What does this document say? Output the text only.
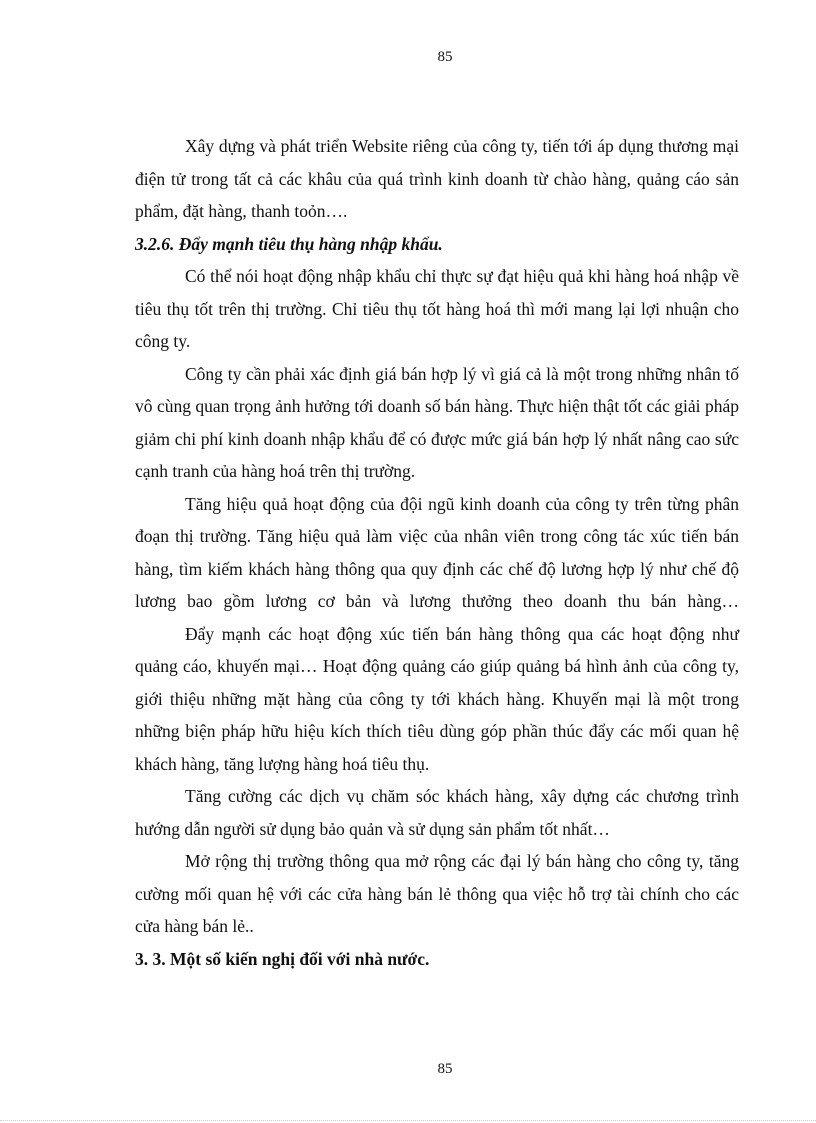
85

Xây dựng và phát triển Website riêng của công ty, tiến tới áp dụng thương mại điện tử trong tất cả các khâu của quá trình kinh doanh từ chào hàng, quảng cáo sản phẩm, đặt hàng, thanh toỏn….

3.2.6. Đẩy mạnh tiêu thụ hàng nhập khẩu.

Có thể nói hoạt động nhập khẩu chỉ thực sự đạt hiệu quả khi hàng hoá nhập về tiêu thụ tốt trên thị trường. Chỉ tiêu thụ tốt hàng hoá thì mới mang lại lợi nhuận cho công ty.

Công ty cần phải xác định giá bán hợp lý vì giá cả là một trong những nhân tố vô cùng quan trọng ảnh hưởng tới doanh số bán hàng. Thực hiện thật tốt các giải pháp giảm chi phí kinh doanh nhập khẩu để có được mức giá bán hợp lý nhất nâng cao sức cạnh tranh của hàng hoá trên thị trường.

Tăng hiệu quả hoạt động của đội ngũ kinh doanh của công ty trên từng phân đoạn thị trường. Tăng hiệu quả làm việc của nhân viên trong công tác xúc tiến bán hàng, tìm kiếm khách hàng thông qua quy định các chế độ lương hợp lý như chế độ lương bao gồm lương cơ bản và lương thưởng theo doanh thu bán hàng…

Đẩy mạnh các hoạt động xúc tiến bán hàng thông qua các hoạt động như quảng cáo, khuyến mại… Hoạt động quảng cáo giúp quảng bá hình ảnh của công ty, giới thiệu những mặt hàng của công ty tới khách hàng. Khuyến mại là một trong những biện pháp hữu hiệu kích thích tiêu dùng góp phần thúc đẩy các mối quan hệ khách hàng, tăng lượng hàng hoá tiêu thụ.

Tăng cường các dịch vụ chăm sóc khách hàng, xây dựng các chương trình hướng dẫn người sử dụng bảo quản và sử dụng sản phẩm tốt nhất…

Mở rộng thị trường thông qua mở rộng các đại lý bán hàng cho công ty, tăng cường mối quan hệ với các cửa hàng bán lẻ thông qua việc hỗ trợ tài chính cho các cửa hàng bán lẻ..

3. 3. Một số kiến nghị đối với nhà nước.

85
